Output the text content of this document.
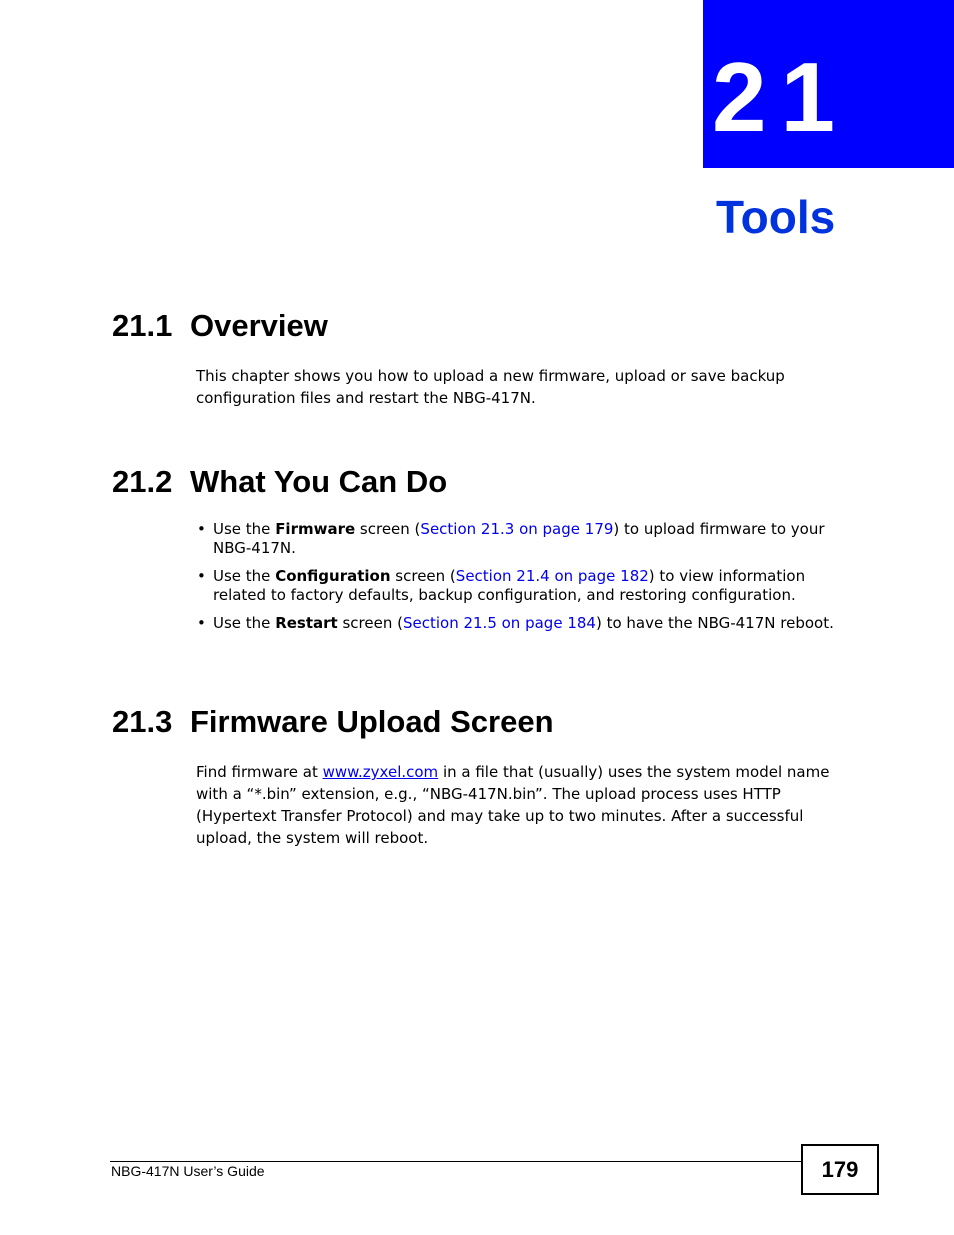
21
Tools
21.1 Overview

This chapter shows you how to upload a new firmware, upload or save backup configuration files and restart the NBG-417N.

21.2 What You Can Do
• Use the Firmware screen (Section 21.3 on page 179) to upload firmware to your NBG-417N.
• Use the Configuration screen (Section 21.4 on page 182) to view information related to factory defaults, backup configuration, and restoring configuration.
• Use the Restart screen (Section 21.5 on page 184) to have the NBG-417N reboot.
21.3 Firmware Upload Screen

Find firmware at www.zyxel.com in a file that (usually) uses the system model name with a “*.bin” extension, e.g., “NBG-417N.bin”. The upload process uses HTTP (Hypertext Transfer Protocol) and may take up to two minutes. After a successful upload, the system will reboot.

NBG-417N User’s Guide	179
